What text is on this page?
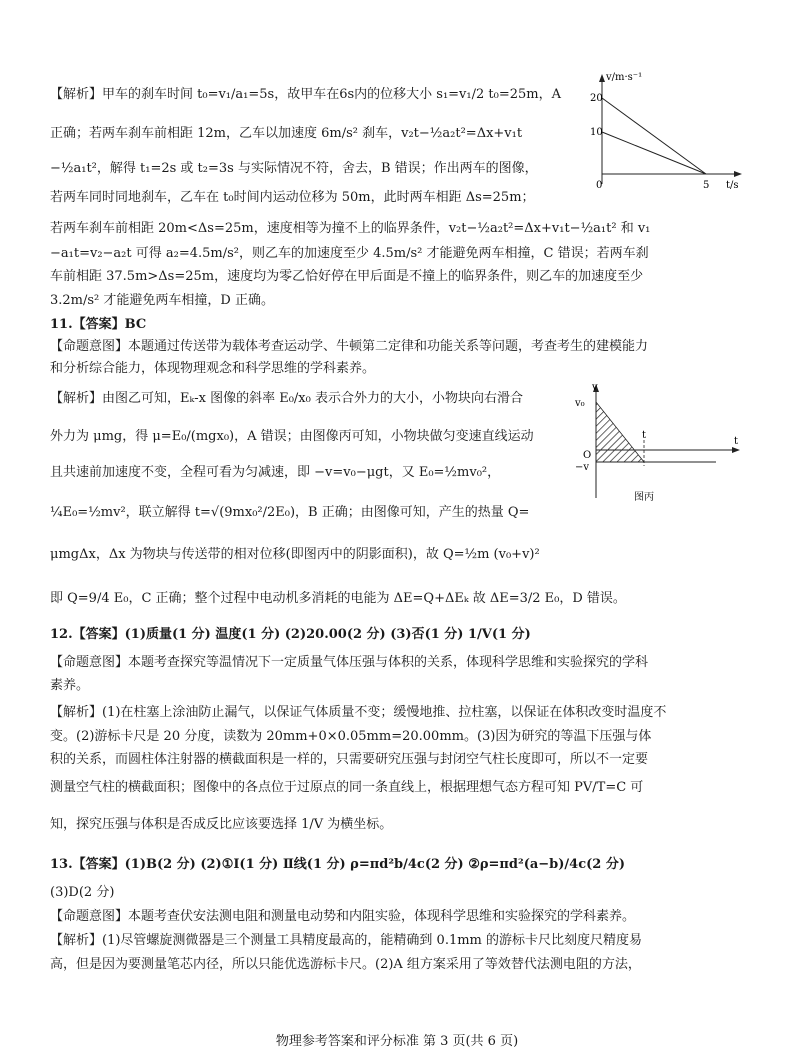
【解析】甲车的刹车时间 t₀=v₁/a₁=5s，故甲车在6s内的位移大小 s₁=v₁/2 t₀=25m，A
正确；若两车刹车前相距 12m，乙车以加速度 6m/s² 刹车，v₂t−½a₂t²=Δx+v₁t
−½a₁t²，解得 t₁=2s 或 t₂=3s 与实际情况不符，舍去，B 错误；作出两车的图像，
若两车同时同地刹车，乙车在 t₀时间内运动位移为 50m，此时两车相距 Δs=25m；
若两车刹车前相距 20m<Δs=25m，速度相等为撞不上的临界条件，v₂t−½a₂t²=Δx+v₁t−½a₁t² 和 v₁
−a₁t=v₂−a₂t 可得 a₂=4.5m/s²，则乙车的加速度至少 4.5m/s² 才能避免两车相撞，C 错误；若两车刹
车前相距 37.5m>Δs=25m，速度均为零乙恰好停在甲后面是不撞上的临界条件，则乙车的加速度至少
3.2m/s² 才能避免两车相撞，D 正确。
v/m·s⁻¹
20
10
0	5 t/s
11.【答案】BC
【命题意图】本题通过传送带为载体考查运动学、牛顿第二定律和功能关系等问题，考查考生的建模能力
和分析综合能力，体现物理观念和科学思维的学科素养。
【解析】由图乙可知，Eₖ-x 图像的斜率 E₀/x₀ 表示合外力的大小，小物块向右滑合
外力为 μmg，得 μ=E₀/(mgx₀)，A 错误；由图像丙可知，小物块做匀变速直线运动
且共速前加速度不变，全程可看为匀减速，即 −v=v₀−μgt，又 E₀=½mv₀²，
¼E₀=½mv²，联立解得 t=√(9mx₀²/2E₀)，B 正确；由图像可知，产生的热量 Q=
μmgΔx，Δx 为物块与传送带的相对位移(即图丙中的阴影面积)，故 Q=½m (v₀+v)²
即 Q=9/4 E₀，C 正确；整个过程中电动机多消耗的电能为 ΔE=Q+ΔEₖ 故 ΔE=3/2 E₀，D 错误。
v
v₀
t
O
t
−v
图丙
12.【答案】(1)质量(1 分) 温度(1 分) (2)20.00(2 分) (3)否(1 分) 1/V(1 分)
【命题意图】本题考查探究等温情况下一定质量气体压强与体积的关系，体现科学思维和实验探究的学科
素养。
【解析】(1)在柱塞上涂油防止漏气，以保证气体质量不变；缓慢地推、拉柱塞，以保证在体积改变时温度不
变。(2)游标卡尺是 20 分度，读数为 20mm+0×0.05mm=20.00mm。(3)因为研究的等温下压强与体
积的关系，而圆柱体注射器的横截面积是一样的，只需要研究压强与封闭空气柱长度即可，所以不一定要
测量空气柱的横截面积；图像中的各点位于过原点的同一条直线上，根据理想气态方程可知 PV/T=C 可
知，探究压强与体积是否成反比应该要选择 1/V 为横坐标。
13.【答案】(1)B(2 分) (2)①I(1 分) Ⅱ线(1 分) ρ=πd²b/4c(2 分) ②ρ=πd²(a−b)/4c(2 分)
(3)D(2 分)
【命题意图】本题考查伏安法测电阻和测量电动势和内阻实验，体现科学思维和实验探究的学科素养。
【解析】(1)尽管螺旋测微器是三个测量工具精度最高的，能精确到 0.1mm 的游标卡尺比刻度尺精度易
高，但是因为要测量笔芯内径，所以只能优选游标卡尺。(2)A 组方案采用了等效替代法测电阻的方法，
物理参考答案和评分标准 第 3 页(共 6 页)
